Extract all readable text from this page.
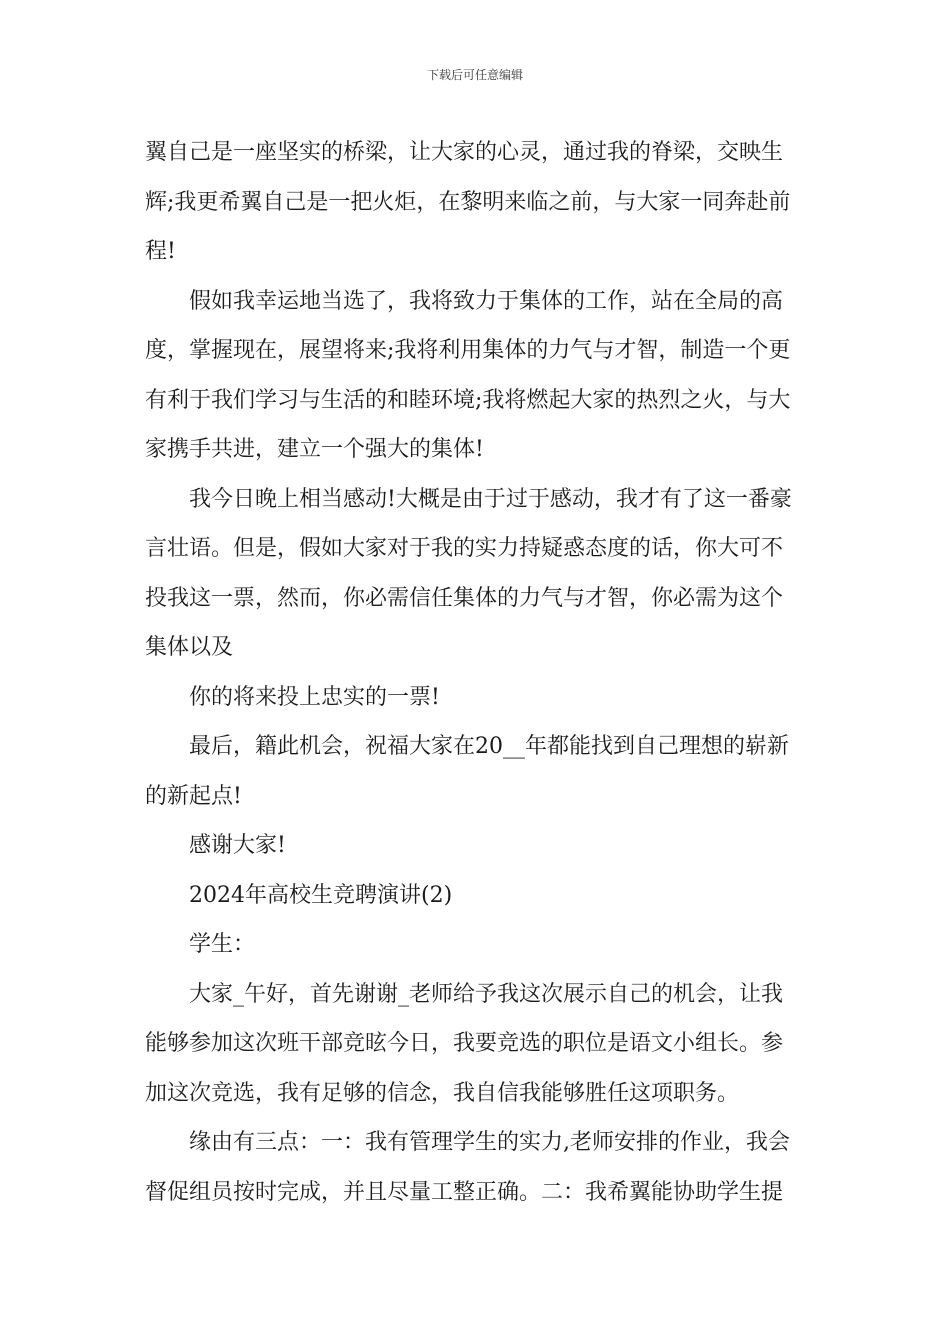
下载后可任意编辑

翼自己是一座坚实的桥梁，让大家的心灵，通过我的脊梁，交映生
辉;我更希翼自己是一把火炬，在黎明来临之前，与大家一同奔赴前
程!

假如我幸运地当选了，我将致力于集体的工作，站在全局的高
度，掌握现在，展望将来;我将利用集体的力气与才智，制造一个更
有利于我们学习与生活的和睦环境;我将燃起大家的热烈之火，与大
家携手共进，建立一个强大的集体!

我今日晚上相当感动!大概是由于过于感动，我才有了这一番豪
言壮语。但是，假如大家对于我的实力持疑惑态度的话，你大可不
投我这一票，然而，你必需信任集体的力气与才智，你必需为这个
集体以及

你的将来投上忠实的一票!

最后，籍此机会，祝福大家在20__年都能找到自己理想的崭新
的新起点!

感谢大家!

2024年高校生竞聘演讲(2)

学生：

大家_午好，首先谢谢_老师给予我这次展示自己的机会，让我
能够参加这次班干部竞昡今日，我要竞选的职位是语文小组长。参
加这次竞选，我有足够的信念，我自信我能够胜任这项职务。

缘由有三点：一：我有管理学生的实力,老师安排的作业，我会
督促组员按时完成，并且尽量工整正确。二：我希翼能协助学生提
